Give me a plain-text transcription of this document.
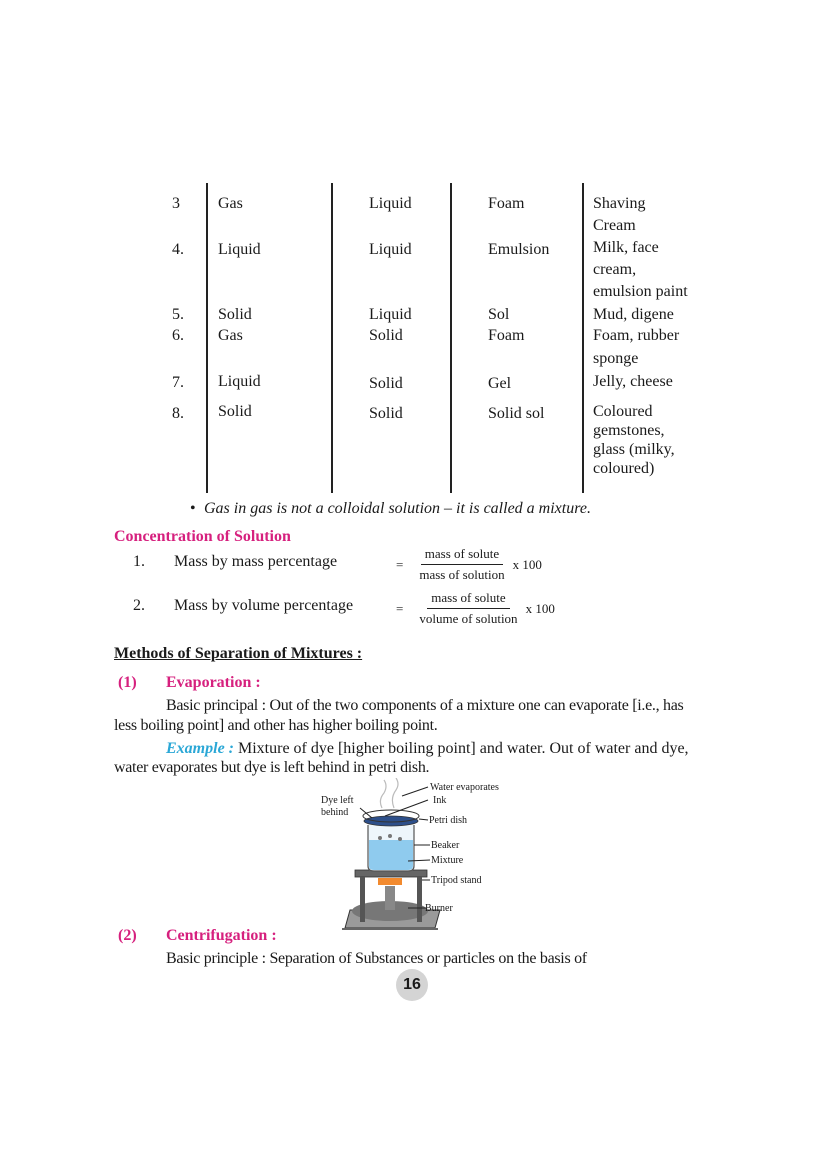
3 Gas	Liquid	Foam	Shaving
Cream
4. Liquid	Liquid	Emulsion	Milk, face
cream,
emulsion paint
5. Solid	Liquid	Sol	Mud, digene
6. Gas	Solid	Foam	Foam, rubber
sponge
7. Liquid	Solid	Gel	Jelly, cheese
8. Solid	Solid	Solid sol	Coloured
gemstones,
glass (milky,
coloured)
• Gas in gas is not a colloidal solution – it is called a mixture.
Concentration of Solution
1. Mass by mass percentage	= $\frac{\text{mass of solute}}{\text{mass of solution}}$ x 100
2. Mass by volume percentage	= $\frac{\text{mass of solute}}{\text{volume of solution}}$ x 100
Methods of Separation of Mixtures :
(1) Evaporation :
Basic principal : Out of the two components of a mixture one can evaporate [i.e., has
less boiling point] and other has higher boiling point.
Example : Mixture of dye [higher boiling point] and water. Out of water and dye,
water evaporates but dye is left behind in petri dish.
Water evaporates
Ink
Dye left
behind
Petri dish
Beaker
Mixture
Tripod stand
Burner
(2) Centrifugation :
Basic principle : Separation of Substances or particles on the basis of
16
